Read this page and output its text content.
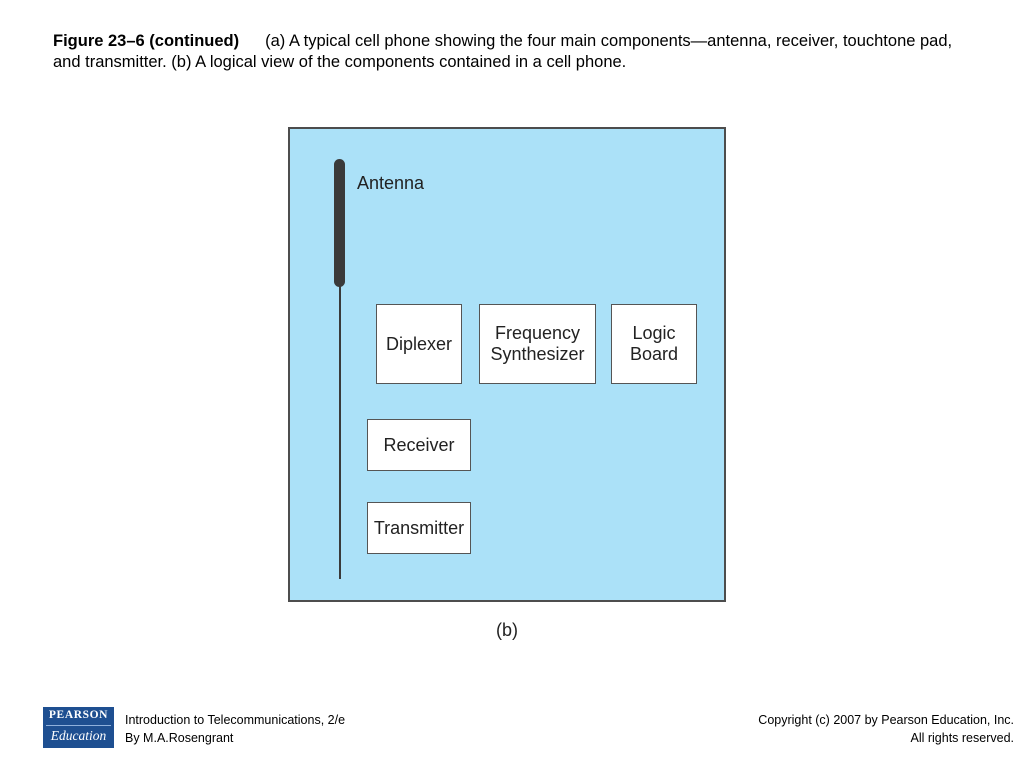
Figure 23–6 (continued) (a) A typical cell phone showing the four main components—antenna, receiver, touchtone pad, and transmitter. (b) A logical view of the components contained in a cell phone.
Antenna
Diplexer
Frequency
Synthesizer
Logic
Board
Receiver
Transmitter
(b)
PEARSON
Education
Introduction to Telecommunications, 2/e
By M.A.Rosengrant
Copyright (c) 2007 by Pearson Education, Inc.
All rights reserved.
